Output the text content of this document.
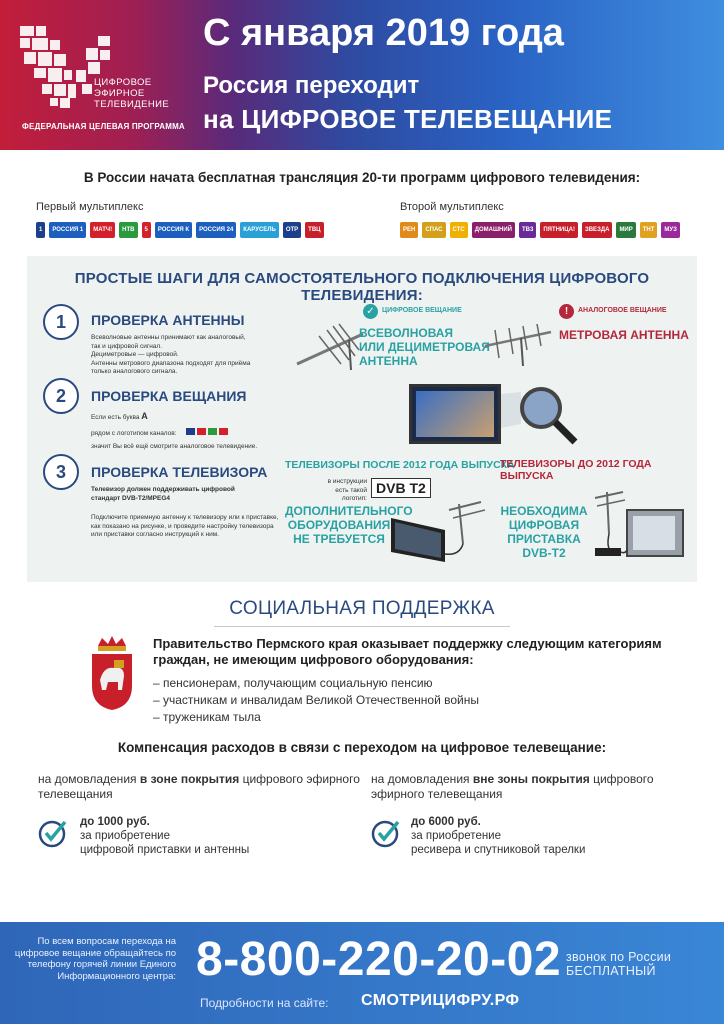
ЦИФРОВОЕ
ЭФИРНОЕ
ТЕЛЕВИДЕНИЕ
ФЕДЕРАЛЬНАЯ ЦЕЛЕВАЯ ПРОГРАММА
С января 2019 года
Россия переходит
на ЦИФРОВОЕ ТЕЛЕВЕЩАНИЕ
В России начата бесплатная трансляция 20-ти программ цифрового телевидения:
Первый мультиплекс	Второй мультиплекс
1	РОССИЯ 1	МАТЧ!	НТВ	5	РОССИЯ К	РОССИЯ 24	КАРУСЕЛЬ	ОТР	ТВЦ	РЕН	СПАС	СТС	ДОМАШНИЙ	ТВ3	ПЯТНИЦА!	ЗВЕЗДА	МИР	ТНТ	МУЗ
ПРОСТЫЕ ШАГИ ДЛЯ САМОСТОЯТЕЛЬНОГО ПОДКЛЮЧЕНИЯ ЦИФРОВОГО ТЕЛЕВИДЕНИЯ:
1	ПРОВЕРКА АНТЕННЫ
Всеволновые антенны принимают как аналоговый, так и цифровой сигнал.
Дециметровые — цифровой.
Антенны метрового диапазона подходят для приёма только аналогового сигнала.
✓	ЦИФРОВОЕ ВЕЩАНИЕ	!	АНАЛОГОВОЕ ВЕЩАНИЕ
ВСЕВОЛНОВАЯ
ИЛИ ДЕЦИМЕТРОВАЯ
АНТЕННА
МЕТРОВАЯ АНТЕННА
2	ПРОВЕРКА ВЕЩАНИЯ
Если есть буква А
рядом с логотипом каналов:
значит Вы всё ещё смотрите аналоговое телевидение.
3	ПРОВЕРКА ТЕЛЕВИЗОРА
Телевизор должен поддерживать цифровой стандарт DVB-T2/MPEG4
Подключите приемную антенну к телевизору или к приставке, как показано на рисунке, и проведите настройку телевизора или приставки согласно инструкций к ним.
ТЕЛЕВИЗОРЫ ПОСЛЕ 2012 ГОДА ВЫПУСКА
ТЕЛЕВИЗОРЫ ДО 2012 ГОДА ВЫПУСКА
в инструкции
есть такой
логотип:
DVB T2
ДОПОЛНИТЕЛЬНОГО
ОБОРУДОВАНИЯ
НЕ ТРЕБУЕТСЯ
НЕОБХОДИМА
ЦИФРОВАЯ
ПРИСТАВКА DVB-T2
СОЦИАЛЬНАЯ ПОДДЕРЖКА
Правительство Пермского края оказывает поддержку следующим категориям граждан, не имеющим цифрового оборудования:
– пенсионерам, получающим социальную пенсию
– участникам и инвалидам Великой Отечественной войны
– труженикам тыла
Компенсация расходов в связи с переходом на цифровое телевещание:
на домовладения в зоне покрытия цифрового эфирного телевещания
до 1000 руб.
за приобретение
цифровой приставки и антенны
на домовладения вне зоны покрытия цифрового эфирного телевещания
до 6000 руб.
за приобретение
ресивера и спутниковой тарелки
По всем вопросам перехода на цифровое вещание обращайтесь по телефону горячей линии Единого Информационного центра: 8-800-220-20-02 звонок по России
БЕСПЛАТНЫЙ
Подробности на сайте: СМОТРИЦИФРУ.РФ
